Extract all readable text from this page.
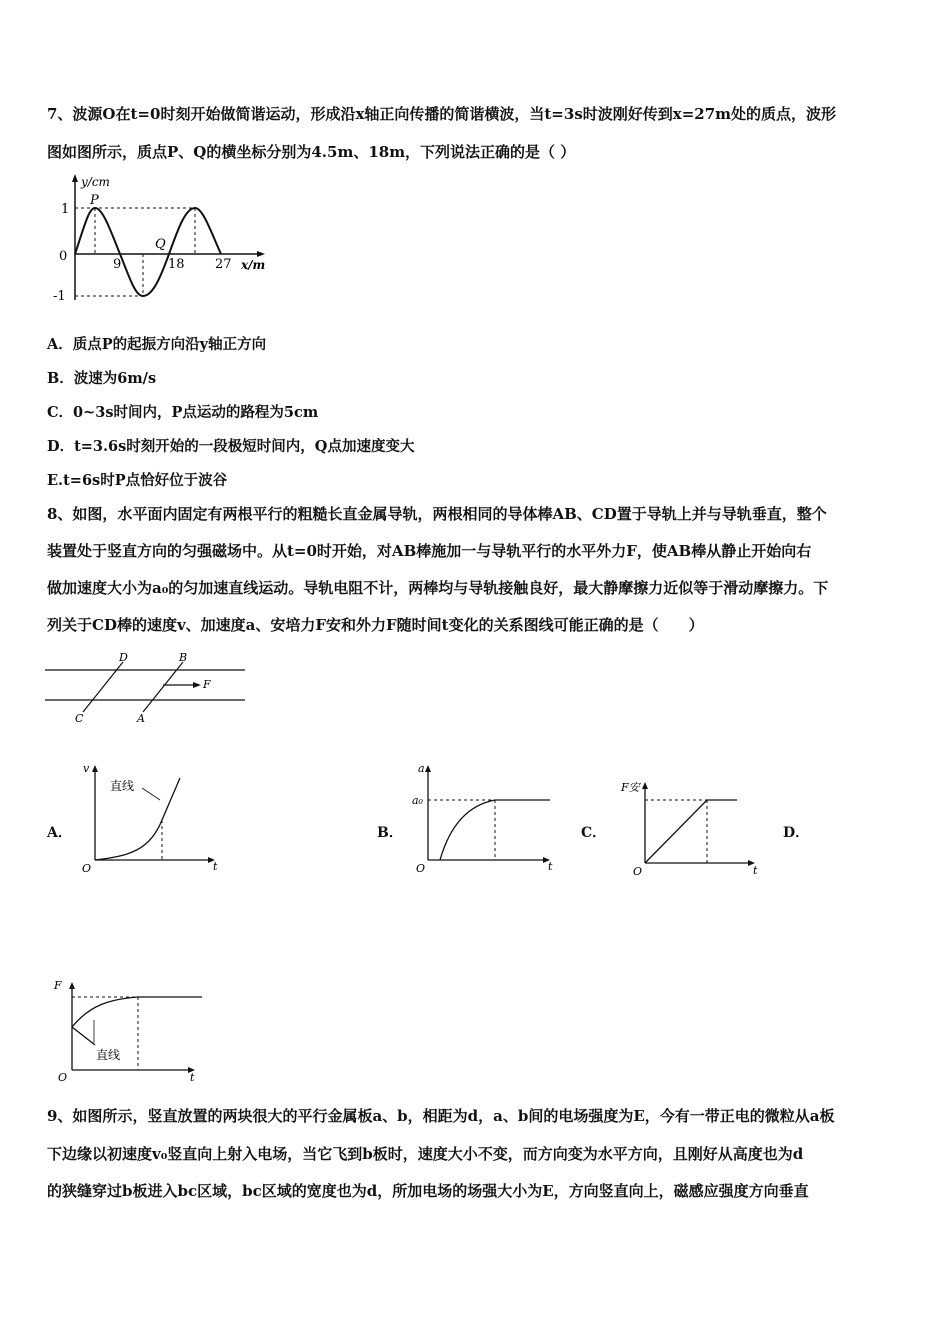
7、波源O在t=0时刻开始做简谐运动，形成沿x轴正向传播的简谐横波，当t=3s时波刚好传到x=27m处的质点，波形
图如图所示，质点P、Q的横坐标分别为4.5m、18m，下列说法正确的是（ ）
y/cm
x/m
1
-1
0
9	18 27
P
Q
A．质点P的起振方向沿y轴正方向
B．波速为6m/s
C．0~3s时间内，P点运动的路程为5cm
D．t=3.6s时刻开始的一段极短时间内，Q点加速度变大
E.t=6s时P点恰好位于波谷
8、如图，水平面内固定有两根平行的粗糙长直金属导轨，两根相同的导体棒AB、CD置于导轨上并与导轨垂直，整个
装置处于竖直方向的匀强磁场中。从t=0时开始，对AB棒施加一与导轨平行的水平外力F，使AB棒从静止开始向右
做加速度大小为a₀的匀加速直线运动。导轨电阻不计，两棒均与导轨接触良好，最大静摩擦力近似等于滑动摩擦力。下
列关于CD棒的速度v、加速度a、安培力F安和外力F随时间t变化的关系图线可能正确的是（　　）
D	B
C	A
F
A．
v
t
O
直线
B．
a
a₀
t
O
C．
F安
t
O
D．
F
t
O
直线
9、如图所示，竖直放置的两块很大的平行金属板a、b，相距为d，a、b间的电场强度为E，今有一带正电的微粒从a板
下边缘以初速度v₀竖直向上射入电场，当它飞到b板时，速度大小不变，而方向变为水平方向，且刚好从高度也为d
的狭缝穿过b板进入bc区域，bc区域的宽度也为d，所加电场的场强大小为E，方向竖直向上，磁感应强度方向垂直
